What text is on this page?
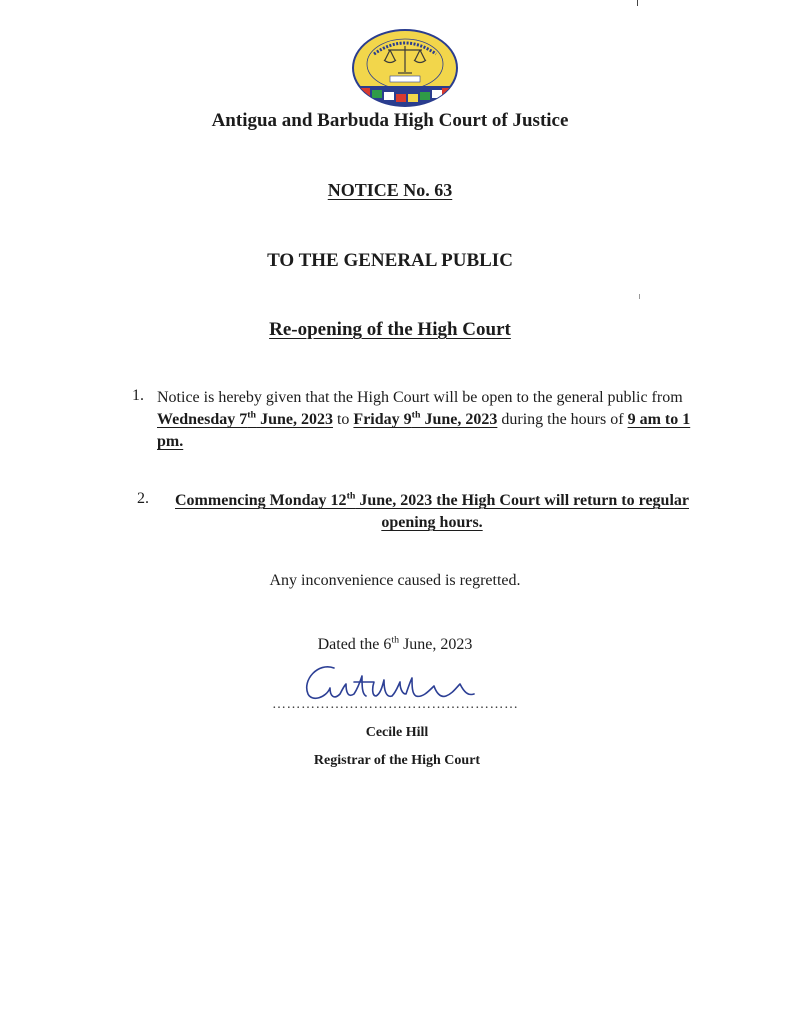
Antigua and Barbuda High Court of Justice
NOTICE No. 63
TO THE GENERAL PUBLIC
Re-opening of the High Court
1. Notice is hereby given that the High Court will be open to the general public from Wednesday 7th June, 2023 to Friday 9th June, 2023 during the hours of 9 am to 1 pm.
2.	Commencing Monday 12th June, 2023 the High Court will return to regular opening hours.
Any inconvenience caused is regretted.
Dated the 6th June, 2023
……………………………………………
Cecile Hill
Registrar of the High Court
